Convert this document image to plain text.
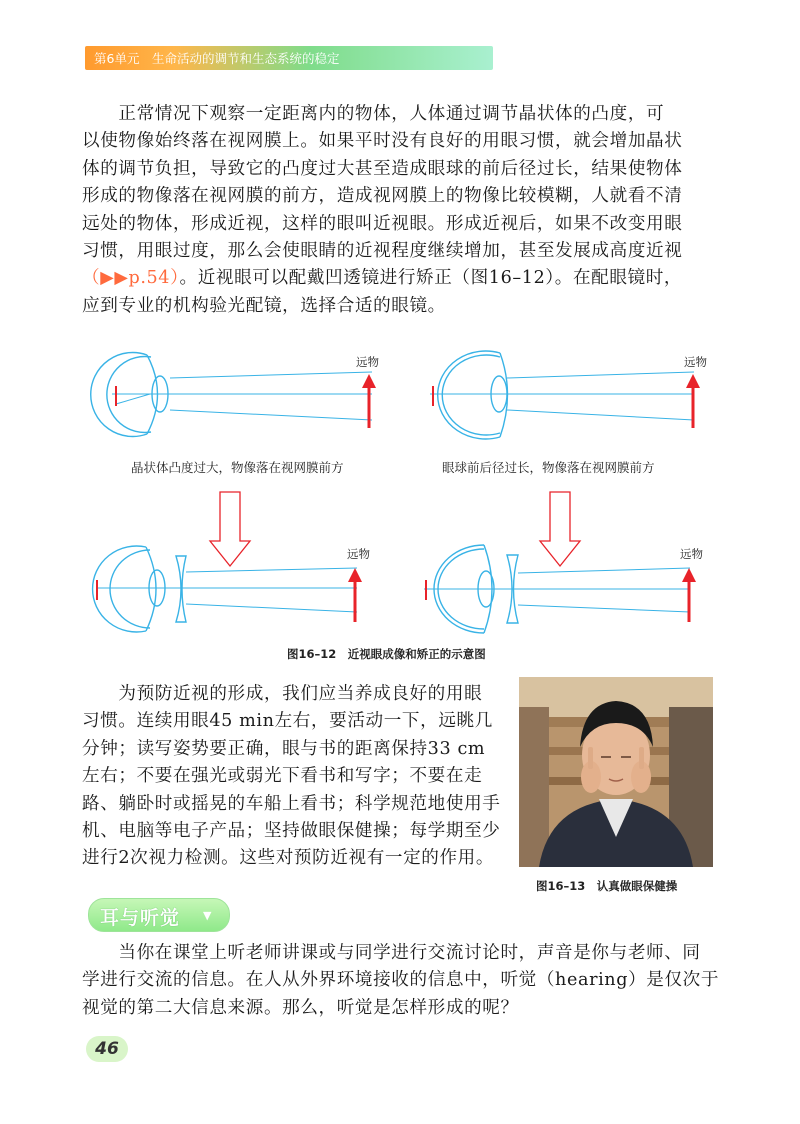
第6单元　生命活动的调节和生态系统的稳定
　　正常情况下观察一定距离内的物体，人体通过调节晶状体的凸度，可
以使物像始终落在视网膜上。如果平时没有良好的用眼习惯，就会增加晶状
体的调节负担，导致它的凸度过大甚至造成眼球的前后径过长，结果使物体
形成的物像落在视网膜的前方，造成视网膜上的物像比较模糊，人就看不清
远处的物体，形成近视，这样的眼叫近视眼。形成近视后，如果不改变用眼
习惯，用眼过度，那么会使眼睛的近视程度继续增加，甚至发展成高度近视
（▶▶p.54）。近视眼可以配戴凹透镜进行矫正（图16–12）。在配眼镜时，
应到专业的机构验光配镜，选择合适的眼镜。
远物	远物
远物	远物
晶状体凸度过大，物像落在视网膜前方	眼球前后径过长，物像落在视网膜前方
图16–12　近视眼成像和矫正的示意图
　　为预防近视的形成，我们应当养成良好的用眼
习惯。连续用眼45 min左右，要活动一下，远眺几
分钟；读写姿势要正确，眼与书的距离保持33 cm
左右；不要在强光或弱光下看书和写字；不要在走
路、躺卧时或摇晃的车船上看书；科学规范地使用手
机、电脑等电子产品；坚持做眼保健操；每学期至少
进行2次视力检测。这些对预防近视有一定的作用。
图16–13　认真做眼保健操
耳与听觉 ▼
　　当你在课堂上听老师讲课或与同学进行交流讨论时，声音是你与老师、同
学进行交流的信息。在人从外界环境接收的信息中，听觉（hearing）是仅次于
视觉的第二大信息来源。那么，听觉是怎样形成的呢？
46
